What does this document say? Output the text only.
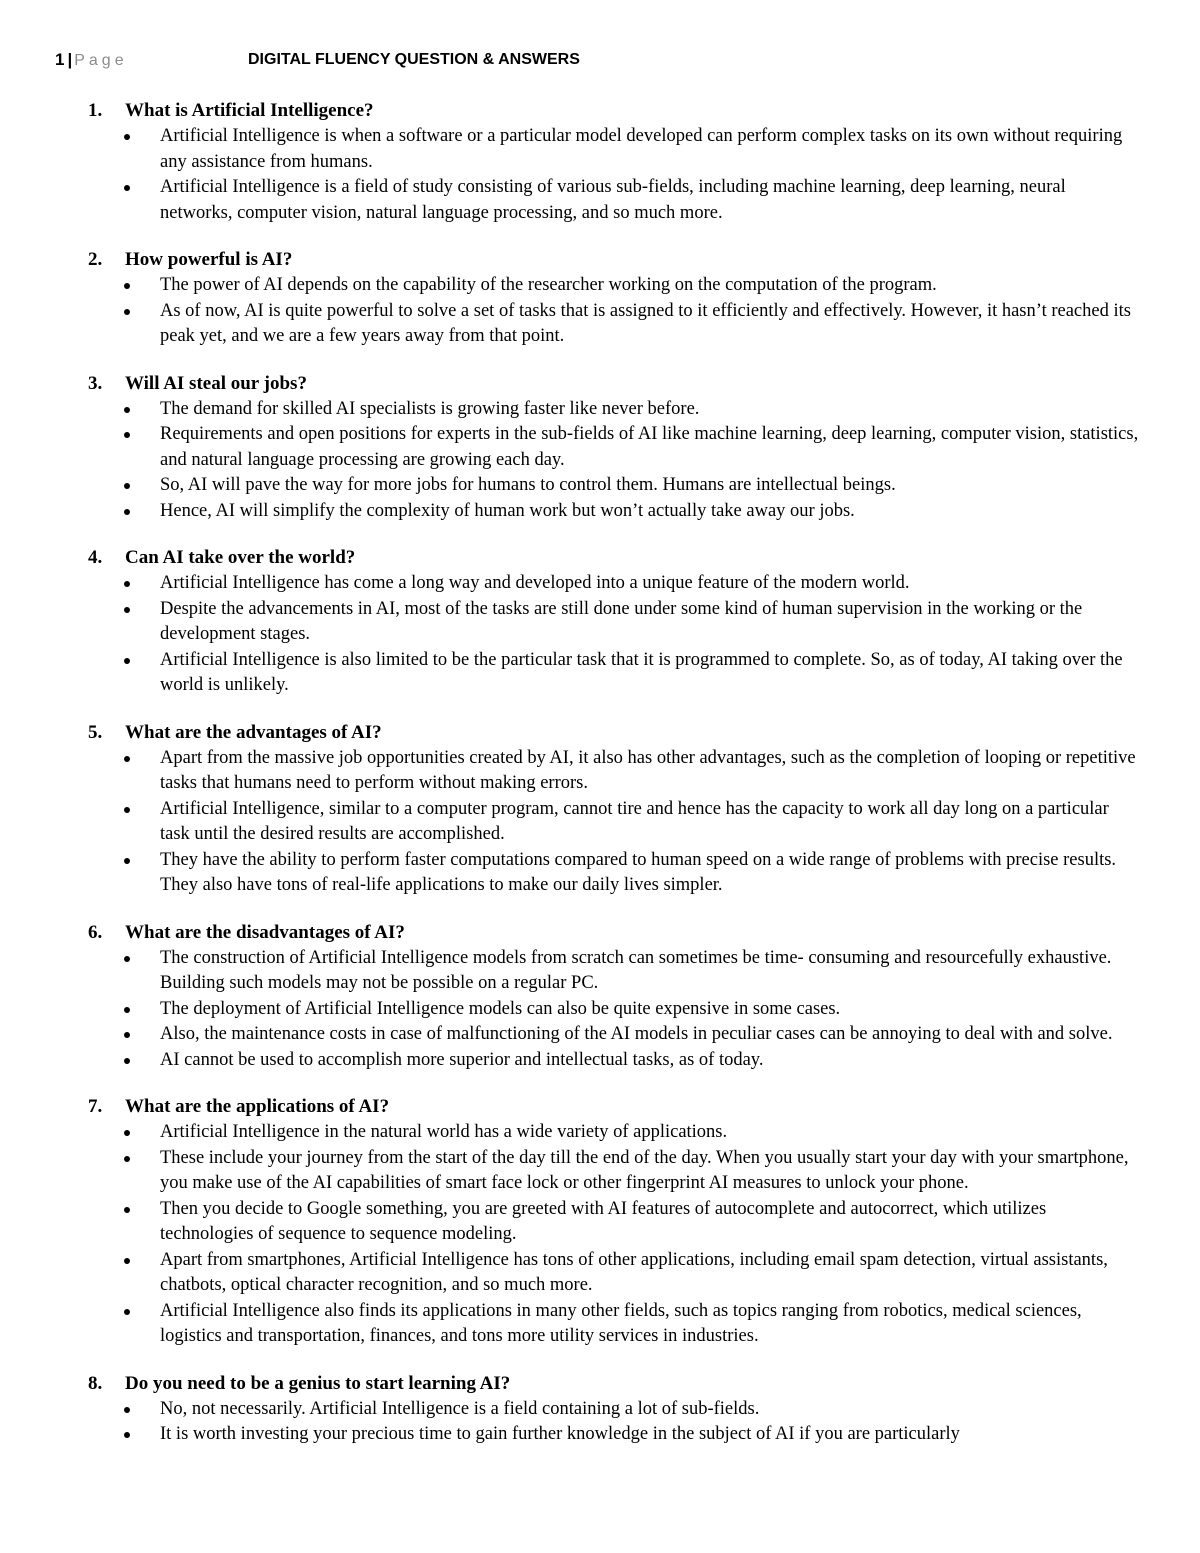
1 | Page	DIGITAL FLUENCY QUESTION & ANSWERS
1. What is Artificial Intelligence?
Artificial Intelligence is when a software or a particular model developed can perform complex tasks on its own without requiring any assistance from humans.
Artificial Intelligence is a field of study consisting of various sub-fields, including machine learning, deep learning, neural networks, computer vision, natural language processing, and so much more.
2. How powerful is AI?
The power of AI depends on the capability of the researcher working on the computation of the program.
As of now, AI is quite powerful to solve a set of tasks that is assigned to it efficiently and effectively. However, it hasn’t reached its peak yet, and we are a few years away from that point.
3. Will AI steal our jobs?
The demand for skilled AI specialists is growing faster like never before.
Requirements and open positions for experts in the sub-fields of AI like machine learning, deep learning, computer vision, statistics, and natural language processing are growing each day.
So, AI will pave the way for more jobs for humans to control them. Humans are intellectual beings.
Hence, AI will simplify the complexity of human work but won’t actually take away our jobs.
4. Can AI take over the world?
Artificial Intelligence has come a long way and developed into a unique feature of the modern world.
Despite the advancements in AI, most of the tasks are still done under some kind of human supervision in the working or the development stages.
Artificial Intelligence is also limited to be the particular task that it is programmed to complete. So, as of today, AI taking over the world is unlikely.
5. What are the advantages of AI?
Apart from the massive job opportunities created by AI, it also has other advantages, such as the completion of looping or repetitive tasks that humans need to perform without making errors.
Artificial Intelligence, similar to a computer program, cannot tire and hence has the capacity to work all day long on a particular task until the desired results are accomplished.
They have the ability to perform faster computations compared to human speed on a wide range of problems with precise results. They also have tons of real-life applications to make our daily lives simpler.
6. What are the disadvantages of AI?
The construction of Artificial Intelligence models from scratch can sometimes be time- consuming and resourcefully exhaustive. Building such models may not be possible on a regular PC.
The deployment of Artificial Intelligence models can also be quite expensive in some cases.
Also, the maintenance costs in case of malfunctioning of the AI models in peculiar cases can be annoying to deal with and solve.
AI cannot be used to accomplish more superior and intellectual tasks, as of today.
7. What are the applications of AI?
Artificial Intelligence in the natural world has a wide variety of applications.
These include your journey from the start of the day till the end of the day. When you usually start your day with your smartphone, you make use of the AI capabilities of smart face lock or other fingerprint AI measures to unlock your phone.
Then you decide to Google something, you are greeted with AI features of autocomplete and autocorrect, which utilizes technologies of sequence to sequence modeling.
Apart from smartphones, Artificial Intelligence has tons of other applications, including email spam detection, virtual assistants, chatbots, optical character recognition, and so much more.
Artificial Intelligence also finds its applications in many other fields, such as topics ranging from robotics, medical sciences, logistics and transportation, finances, and tons more utility services in industries.
8. Do you need to be a genius to start learning AI?
No, not necessarily. Artificial Intelligence is a field containing a lot of sub-fields.
It is worth investing your precious time to gain further knowledge in the subject of AI if you are particularly
